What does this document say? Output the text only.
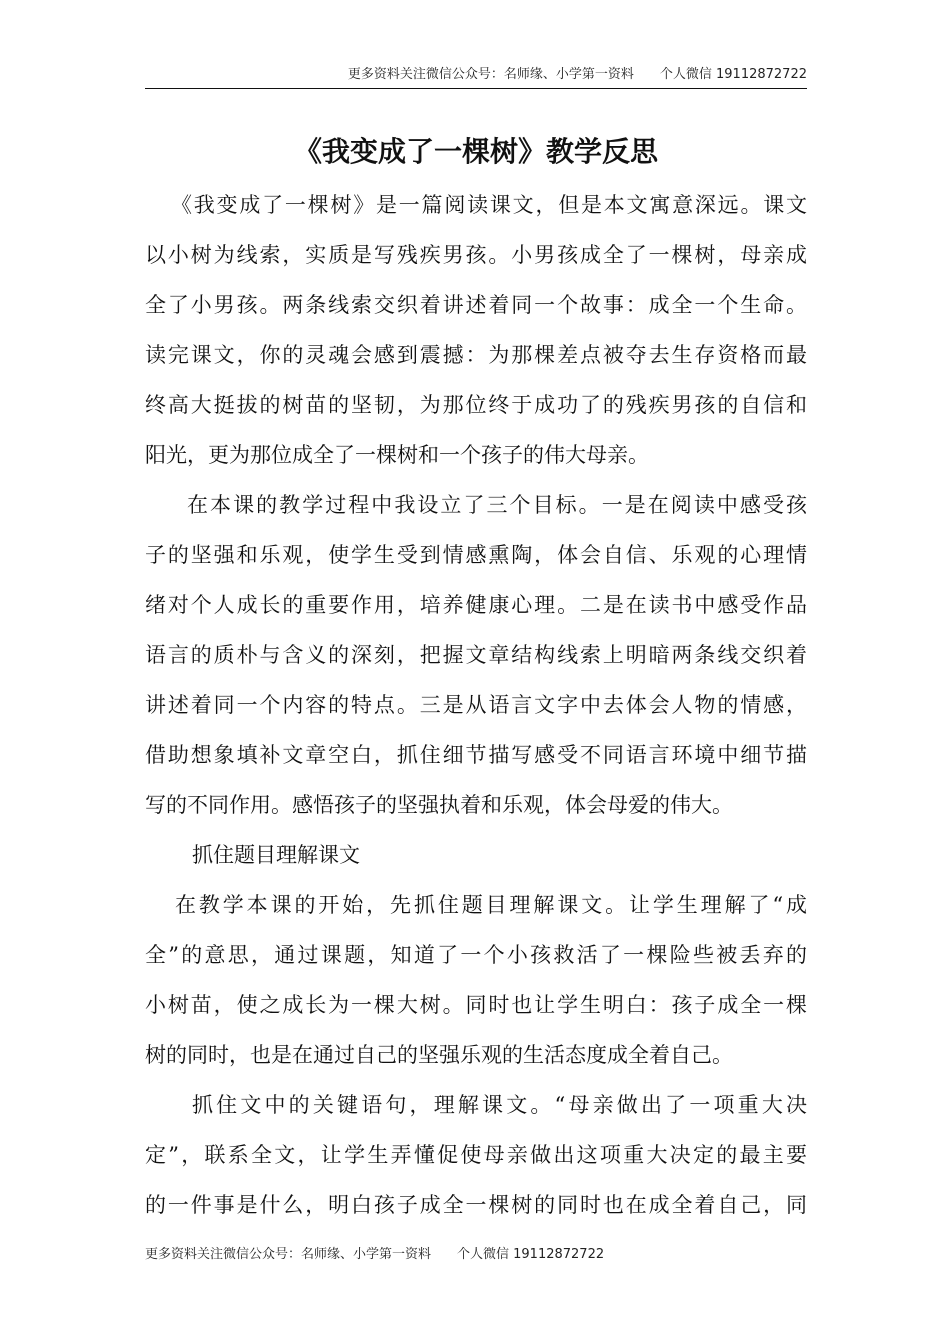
更多资料关注微信公众号：名师缘、小学第一资料　　个人微信 19112872722
《我变成了一棵树》教学反思
《我变成了一棵树》是一篇阅读课文，但是本文寓意深远。课文
以小树为线索，实质是写残疾男孩。小男孩成全了一棵树，母亲成
全了小男孩。两条线索交织着讲述着同一个故事：成全一个生命。
读完课文，你的灵魂会感到震撼：为那棵差点被夺去生存资格而最
终高大挺拔的树苗的坚韧，为那位终于成功了的残疾男孩的自信和
阳光，更为那位成全了一棵树和一个孩子的伟大母亲。
在本课的教学过程中我设立了三个目标。一是在阅读中感受孩
子的坚强和乐观，使学生受到情感熏陶，体会自信、乐观的心理情
绪对个人成长的重要作用，培养健康心理。二是在读书中感受作品
语言的质朴与含义的深刻，把握文章结构线索上明暗两条线交织着
讲述着同一个内容的特点。三是从语言文字中去体会人物的情感，
借助想象填补文章空白，抓住细节描写感受不同语言环境中细节描
写的不同作用。感悟孩子的坚强执着和乐观，体会母爱的伟大。
抓住题目理解课文
在教学本课的开始，先抓住题目理解课文。让学生理解了“成
全”的意思，通过课题，知道了一个小孩救活了一棵险些被丢弃的
小树苗，使之成长为一棵大树。同时也让学生明白：孩子成全一棵
树的同时，也是在通过自己的坚强乐观的生活态度成全着自己。
抓住文中的关键语句，理解课文。“母亲做出了一项重大决
定”，联系全文，让学生弄懂促使母亲做出这项重大决定的最主要
的一件事是什么，明白孩子成全一棵树的同时也在成全着自己，同
更多资料关注微信公众号：名师缘、小学第一资料　　个人微信 19112872722
